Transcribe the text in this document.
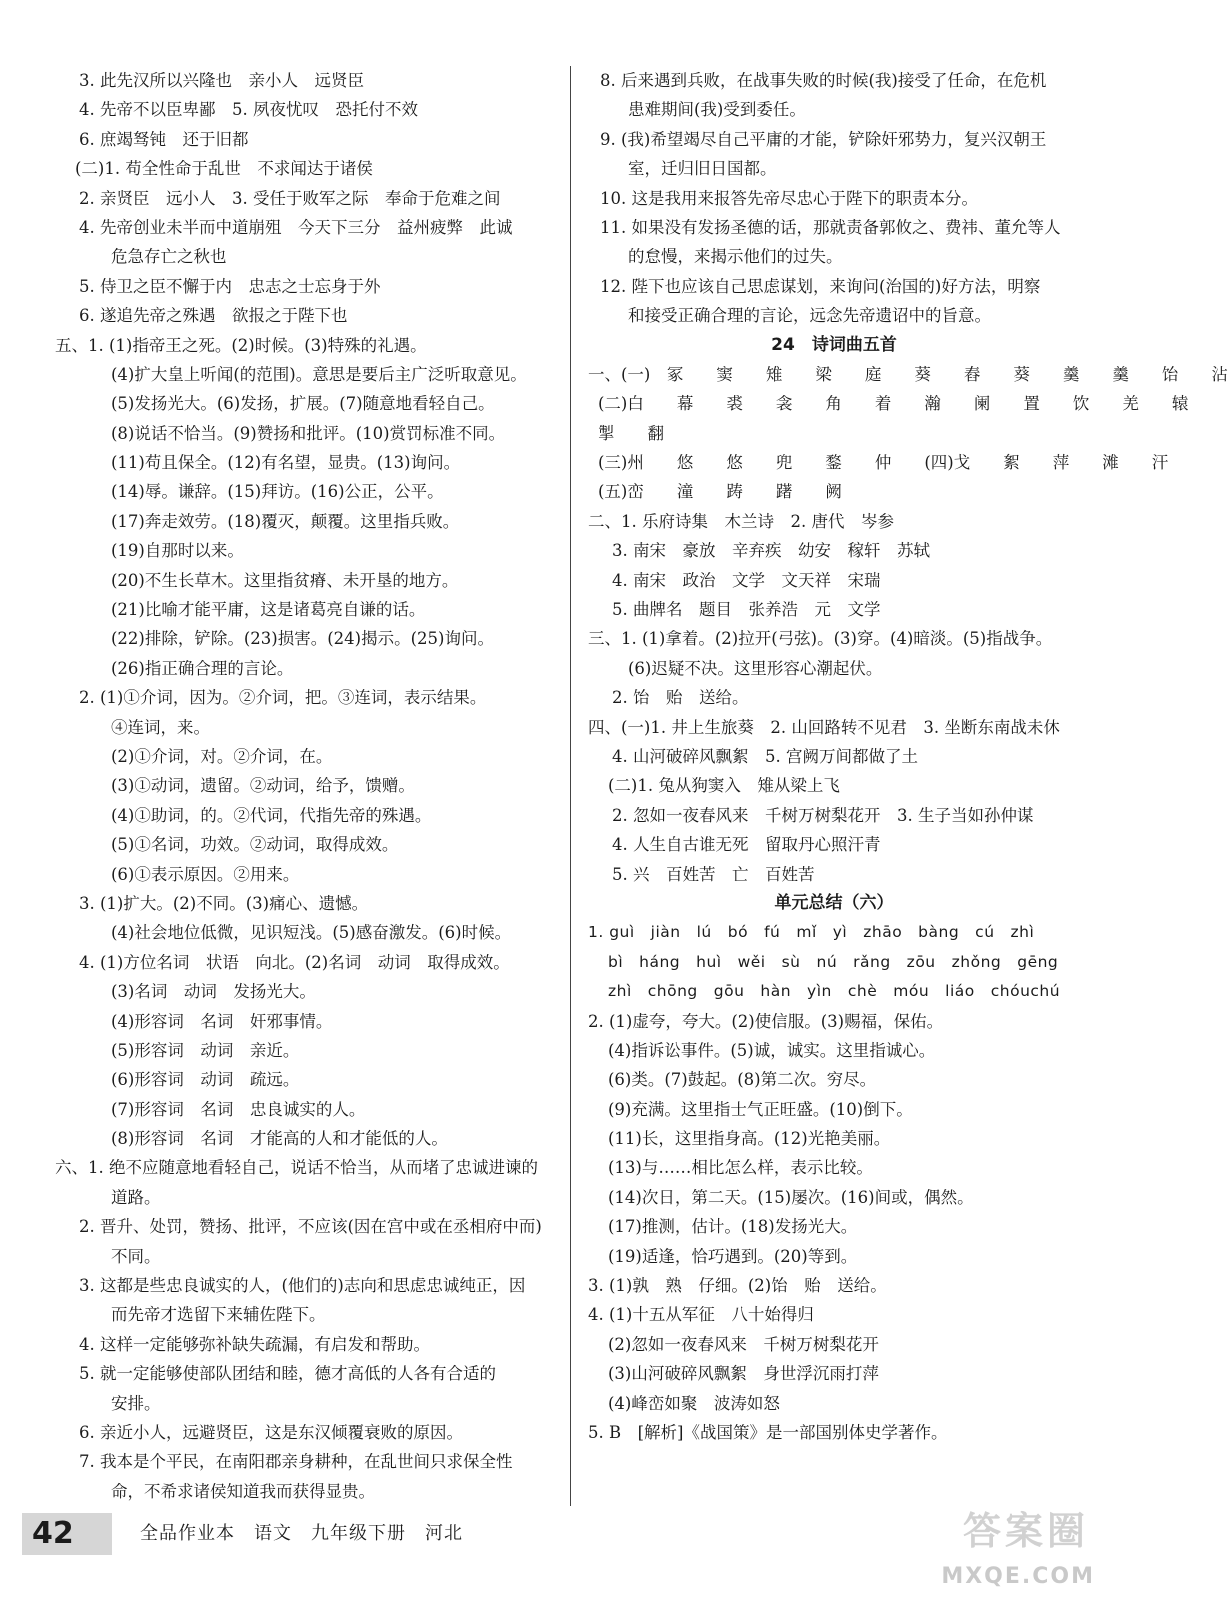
3. 此先汉所以兴隆也　亲小人　远贤臣
4. 先帝不以臣卑鄙　5. 夙夜忧叹　恐托付不效
6. 庶竭驽钝　还于旧都
(二)1. 苟全性命于乱世　不求闻达于诸侯
2. 亲贤臣　远小人　3. 受任于败军之际　奉命于危难之间
4. 先帝创业未半而中道崩殂　今天下三分　益州疲弊　此诚
危急存亡之秋也
5. 侍卫之臣不懈于内　忠志之士忘身于外
6. 遂追先帝之殊遇　欲报之于陛下也
五、1. (1)指帝王之死。(2)时候。(3)特殊的礼遇。
(4)扩大皇上听闻(的范围)。意思是要后主广泛听取意见。
(5)发扬光大。(6)发扬，扩展。(7)随意地看轻自己。
(8)说话不恰当。(9)赞扬和批评。(10)赏罚标准不同。
(11)苟且保全。(12)有名望，显贵。(13)询问。
(14)辱。谦辞。(15)拜访。(16)公正，公平。
(17)奔走效劳。(18)覆灭，颠覆。这里指兵败。
(19)自那时以来。
(20)不生长草木。这里指贫瘠、未开垦的地方。
(21)比喻才能平庸，这是诸葛亮自谦的话。
(22)排除，铲除。(23)损害。(24)揭示。(25)询问。
(26)指正确合理的言论。
2. (1)①介词，因为。②介词，把。③连词，表示结果。
④连词，来。
(2)①介词，对。②介词，在。
(3)①动词，遗留。②动词，给予，馈赠。
(4)①助词，的。②代词，代指先帝的殊遇。
(5)①名词，功效。②动词，取得成效。
(6)①表示原因。②用来。
3. (1)扩大。(2)不同。(3)痛心、遗憾。
(4)社会地位低微，见识短浅。(5)感奋激发。(6)时候。
4. (1)方位名词　状语　向北。(2)名词　动词　取得成效。
(3)名词　动词　发扬光大。
(4)形容词　名词　奸邪事情。
(5)形容词　动词　亲近。
(6)形容词　动词　疏远。
(7)形容词　名词　忠良诚实的人。
(8)形容词　名词　才能高的人和才能低的人。
六、1. 绝不应随意地看轻自己，说话不恰当，从而堵了忠诚进谏的
道路。
2. 晋升、处罚，赞扬、批评，不应该(因在宫中或在丞相府中而)
不同。
3. 这都是些忠良诚实的人，(他们的)志向和思虑忠诚纯正，因
而先帝才选留下来辅佐陛下。
4. 这样一定能够弥补缺失疏漏，有启发和帮助。
5. 就一定能够使部队团结和睦，德才高低的人各有合适的
安排。
6. 亲近小人，远避贤臣，这是东汉倾覆衰败的原因。
7. 我本是个平民，在南阳郡亲身耕种，在乱世间只求保全性
命，不希求诸侯知道我而获得显贵。
8. 后来遇到兵败，在战事失败的时候(我)接受了任命，在危机
患难期间(我)受到委任。
9. (我)希望竭尽自己平庸的才能，铲除奸邪势力，复兴汉朝王
室，迁归旧日国都。
10. 这是我用来报答先帝尽忠心于陛下的职责本分。
11. 如果没有发扬圣德的话，那就责备郭攸之、费祎、董允等人
的怠慢，来揭示他们的过失。
12. 陛下也应该自己思虑谋划，来询问(治国的)好方法，明察
和接受正确合理的言论，远念先帝遗诏中的旨意。
24　诗词曲五首
一、(一)　冢　　窦　　雉　　梁　　庭　　葵　　舂　　葵　　羹　　羹　　饴　　沾
(二)白　　幕　　裘　　衾　　角　　着　　瀚　　阑　　置　　饮　　羌　　辕
掣　　翻
(三)州　　悠　　悠　　兜　　鍪　　仲　　(四)戈　　絮　　萍　　滩　　汗
(五)峦　　潼　　踌　　躇　　阙
二、1. 乐府诗集　木兰诗　2. 唐代　岑参
3. 南宋　豪放　辛弃疾　幼安　稼轩　苏轼
4. 南宋　政治　文学　文天祥　宋瑞
5. 曲牌名　题目　张养浩　元　文学
三、1. (1)拿着。(2)拉开(弓弦)。(3)穿。(4)暗淡。(5)指战争。
(6)迟疑不决。这里形容心潮起伏。
2. 饴　贻　送给。
四、(一)1. 井上生旅葵　2. 山回路转不见君　3. 坐断东南战未休
4. 山河破碎风飘絮　5. 宫阙万间都做了土
(二)1. 兔从狗窦入　雉从梁上飞
2. 忽如一夜春风来　千树万树梨花开　3. 生子当如孙仲谋
4. 人生自古谁无死　留取丹心照汗青
5. 兴　百姓苦　亡　百姓苦
单元总结（六）
1. guì　jiàn　lú　bó　fú　mǐ　yì　zhāo　bàng　cú　zhì
bì　háng　huì　wěi　sù　nú　rǎng　zōu　zhǒng　gēng
zhì　chōng　gōu　hàn　yìn　chè　móu　liáo　chóuchú
2. (1)虚夸，夸大。(2)使信服。(3)赐福，保佑。
(4)指诉讼事件。(5)诚，诚实。这里指诚心。
(6)类。(7)鼓起。(8)第二次。穷尽。
(9)充满。这里指士气正旺盛。(10)倒下。
(11)长，这里指身高。(12)光艳美丽。
(13)与……相比怎么样，表示比较。
(14)次日，第二天。(15)屡次。(16)间或，偶然。
(17)推测，估计。(18)发扬光大。
(19)适逢，恰巧遇到。(20)等到。
3. (1)孰　熟　仔细。(2)饴　贻　送给。
4. (1)十五从军征　八十始得归
(2)忽如一夜春风来　千树万树梨花开
(3)山河破碎风飘絮　身世浮沉雨打萍
(4)峰峦如聚　波涛如怒
5. B　[解析]《战国策》是一部国别体史学著作。
42	全品作业本　语文　九年级下册　河北	答案圈
MXQE.COM
